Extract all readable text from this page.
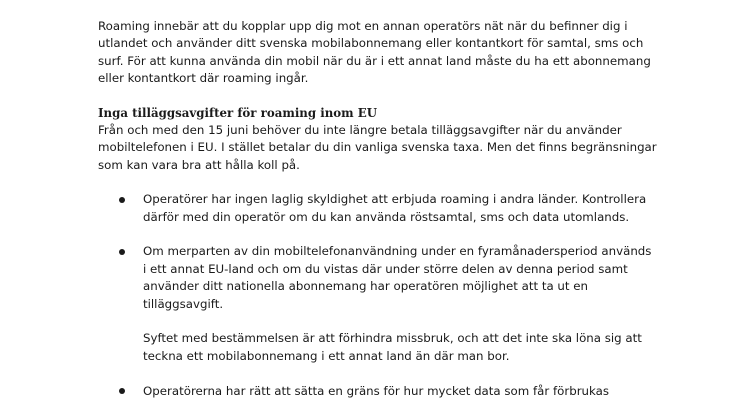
Roaming innebär att du kopplar upp dig mot en annan operatörs nät när du befinner dig i utlandet och använder ditt svenska mobilabonnemang eller kontantkort för samtal, sms och surf. För att kunna använda din mobil när du är i ett annat land måste du ha ett abonnemang eller kontantkort där roaming ingår.

Inga tilläggsavgifter för roaming inom EU

Från och med den 15 juni behöver du inte längre betala tilläggsavgifter när du använder mobiltelefonen i EU. I stället betalar du din vanliga svenska taxa. Men det finns begränsningar som kan vara bra att hålla koll på.

Operatörer har ingen laglig skyldighet att erbjuda roaming i andra länder. Kontrollera därför med din operatör om du kan använda röstsamtal, sms och data utomlands.

Om merparten av din mobiltelefonanvändning under en fyramånadersperiod används i ett annat EU-land och om du vistas där under större delen av denna period samt använder ditt nationella abonnemang har operatören möjlighet att ta ut en tilläggsavgift.

Syftet med bestämmelsen är att förhindra missbruk, och att det inte ska löna sig att teckna ett mobilabonnemang i ett annat land än där man bor.

Operatörerna har rätt att sätta en gräns för hur mycket data som får förbrukas
